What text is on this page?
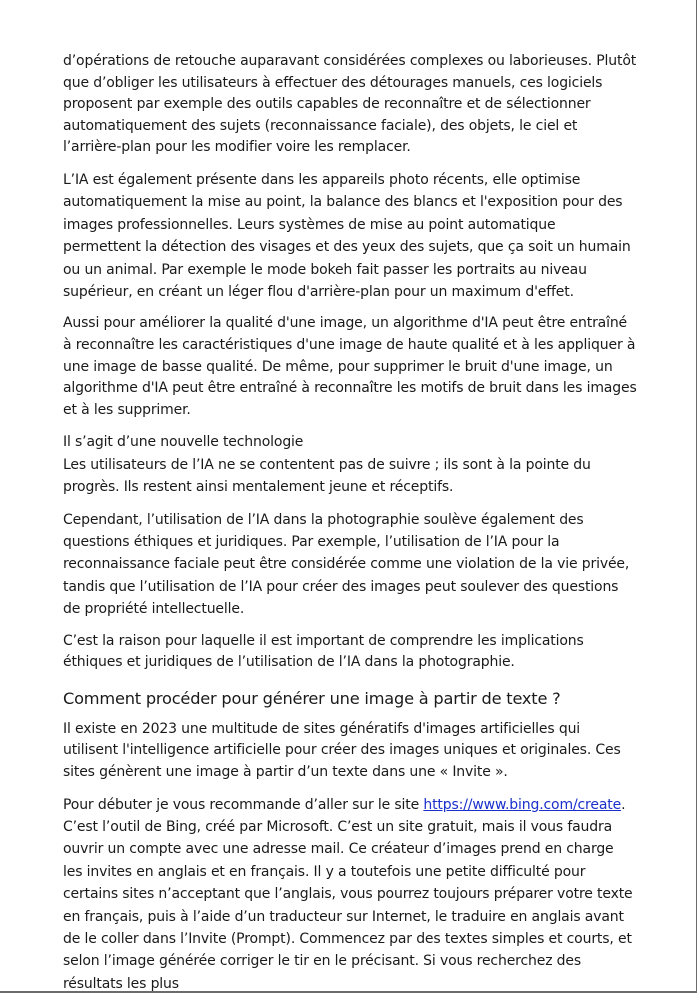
d’opérations de retouche auparavant considérées complexes ou laborieuses. Plutôt que d’obliger les utilisateurs à effectuer des détourages manuels, ces logiciels proposent par exemple des outils capables de reconnaître et de sélectionner automatiquement des sujets (reconnaissance faciale), des objets, le ciel et l’arrière-plan pour les modifier voire les remplacer.

L’IA est également présente dans les appareils photo récents, elle optimise automatiquement la mise au point, la balance des blancs et l'exposition pour des images professionnelles. Leurs systèmes de mise au point automatique permettent la détection des visages et des yeux des sujets, que ça soit un humain ou un animal. Par exemple le mode bokeh fait passer les portraits au niveau supérieur, en créant un léger flou d'arrière-plan pour un maximum d'effet.

Aussi pour améliorer la qualité d'une image, un algorithme d'IA peut être entraîné à reconnaître les caractéristiques d'une image de haute qualité et à les appliquer à une image de basse qualité. De même, pour supprimer le bruit d'une image, un algorithme d'IA peut être entraîné à reconnaître les motifs de bruit dans les images et à les supprimer.

Il s’agit d’une nouvelle technologie
Les utilisateurs de l’IA ne se contentent pas de suivre ; ils sont à la pointe du progrès. Ils restent ainsi mentalement jeune et réceptifs.

Cependant, l’utilisation de l’IA dans la photographie soulève également des questions éthiques et juridiques. Par exemple, l’utilisation de l’IA pour la reconnaissance faciale peut être considérée comme une violation de la vie privée, tandis que l’utilisation de l’IA pour créer des images peut soulever des questions de propriété intellectuelle.

C’est la raison pour laquelle il est important de comprendre les implications éthiques et juridiques de l’utilisation de l’IA dans la photographie.

Comment procéder pour générer une image à partir de texte ?

Il existe en 2023 une multitude de sites génératifs d'images artificielles qui utilisent l'intelligence artificielle pour créer des images uniques et originales. Ces sites génèrent une image à partir d’un texte dans une « Invite ».

Pour débuter je vous recommande d’aller sur le site https://www.bing.com/create. C’est l’outil de Bing, créé par Microsoft. C’est un site gratuit, mais il vous faudra ouvrir un compte avec une adresse mail. Ce créateur d’images prend en charge les invites en anglais et en français. Il y a toutefois une petite difficulté pour certains sites n’acceptant que l’anglais, vous pourrez toujours préparer votre texte en français, puis à l’aide d’un traducteur sur Internet, le traduire en anglais avant de le coller dans l’Invite (Prompt). Commencez par des textes simples et courts, et selon l’image générée corriger le tir en le précisant. Si vous recherchez des résultats les plus
